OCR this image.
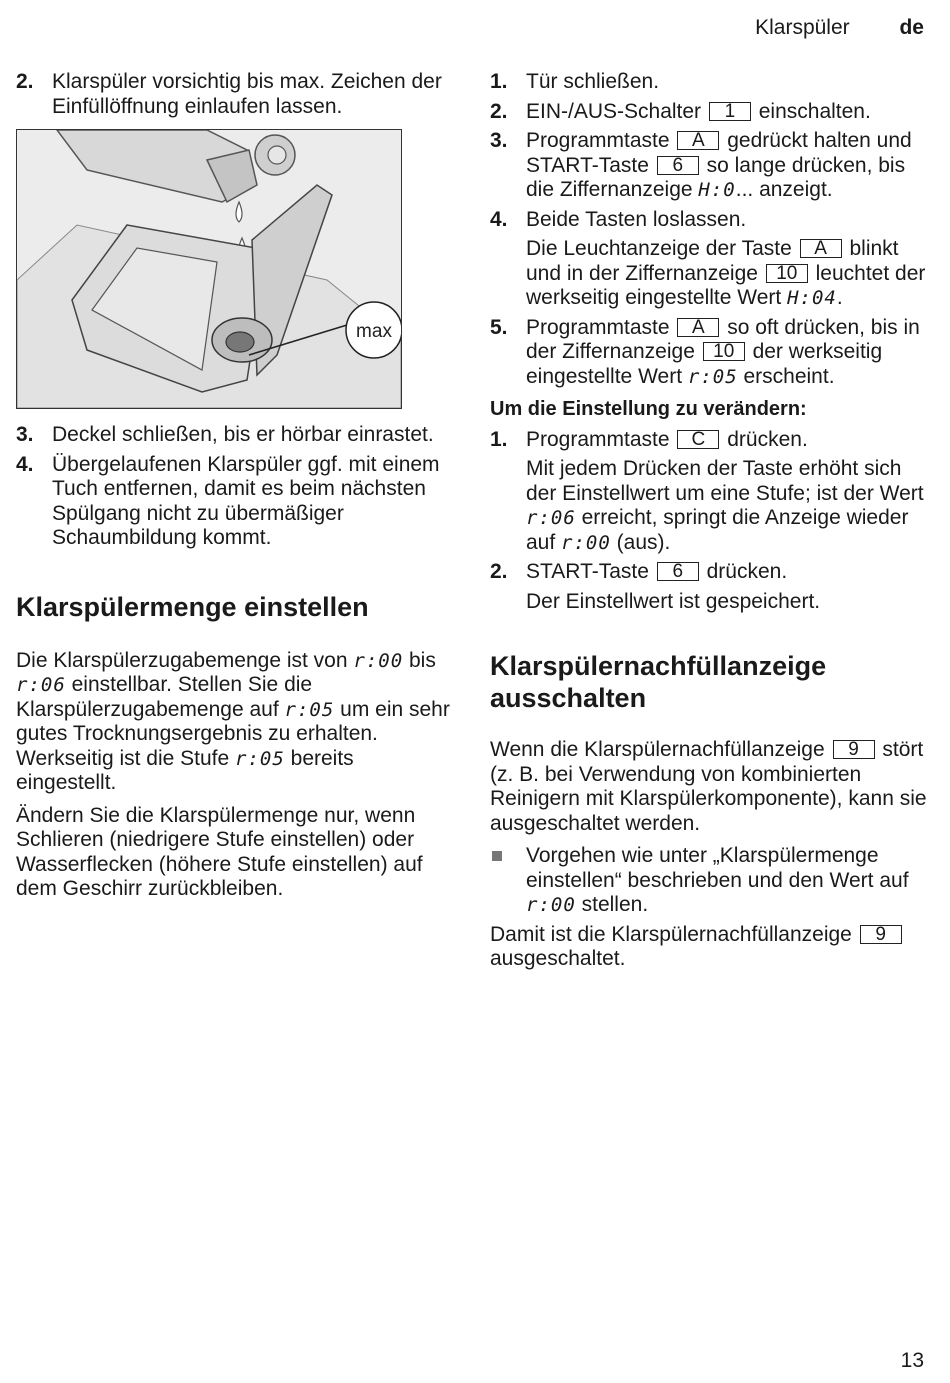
Klarspüler de
2. Klarspüler vorsichtig bis max. Zeichen der Einfüllöffnung einlaufen lassen.
max
3. Deckel schließen, bis er hörbar einrastet.
4. Übergelaufenen Klarspüler ggf. mit einem Tuch entfernen, damit es beim nächsten Spülgang nicht zu übermäßiger Schaumbildung kommt.
Klarspülermenge einstellen

Die Klarspülerzugabemenge ist von r:00 bis r:06 einstellbar. Stellen Sie die Klarspülerzugabemenge auf r:05 um ein sehr gutes Trocknungsergebnis zu erhalten. Werkseitig ist die Stufe r:05 bereits eingestellt.

Ändern Sie die Klarspülermenge nur, wenn Schlieren (niedrigere Stufe einstellen) oder Wasserflecken (höhere Stufe einstellen) auf dem Geschirr zurückbleiben.

1. Tür schließen.
2. EIN-/AUS-Schalter 1 einschalten.
3. Programmtaste A gedrückt halten und START-Taste 6 so lange drücken, bis die Ziffernanzeige H:0... anzeigt.
4. Beide Tasten loslassen.
Die Leuchtanzeige der Taste A blinkt und in der Ziffernanzeige 10 leuchtet der werkseitig eingestellte Wert H:04.
5. Programmtaste A so oft drücken, bis in der Ziffernanzeige 10 der werkseitig eingestellte Wert r:05 erscheint.
Um die Einstellung zu verändern:
1. Programmtaste C drücken.
Mit jedem Drücken der Taste erhöht sich der Einstellwert um eine Stufe; ist der Wert r:06 erreicht, springt die Anzeige wieder auf r:00 (aus).
2. START-Taste 6 drücken.
Der Einstellwert ist gespeichert.
Klarspülernachfüllanzeige ausschalten

Wenn die Klarspülernachfüllanzeige 9 stört (z. B. bei Verwendung von kombinierten Reinigern mit Klarspülerkomponente), kann sie ausgeschaltet werden.

Vorgehen wie unter „Klarspülermenge einstellen“ beschrieben und den Wert auf r:00 stellen.

Damit ist die Klarspülernachfüllanzeige 9 ausgeschaltet.

13
